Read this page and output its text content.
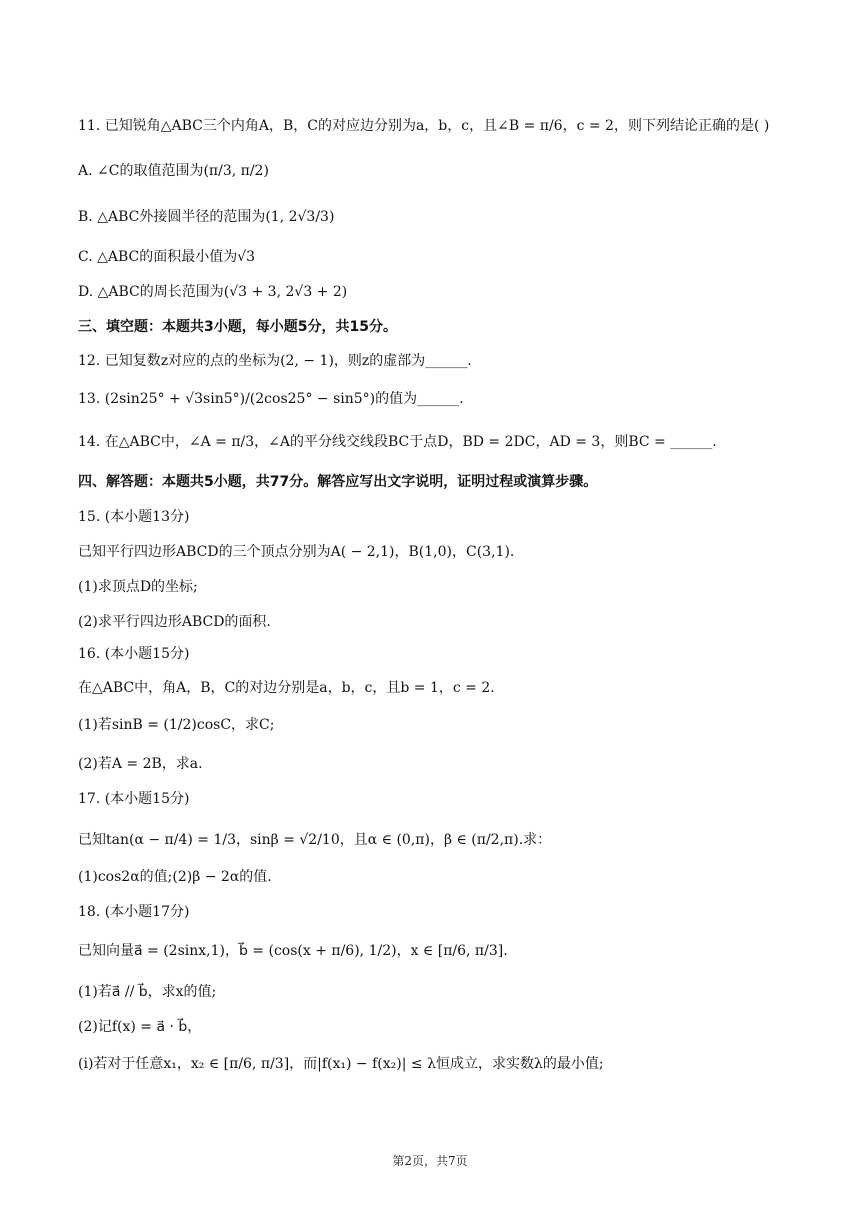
11. 已知锐角△ABC三个内角A，B，C的对应边分别为a，b，c，且∠B = π/6，c = 2，则下列结论正确的是( )
A. ∠C的取值范围为(π/3, π/2)
B. △ABC外接圆半径的范围为(1, 2√3/3)
C. △ABC的面积最小值为√3
D. △ABC的周长范围为(√3 + 3, 2√3 + 2)
三、填空题：本题共3小题，每小题5分，共15分。
12. 已知复数z对应的点的坐标为(2, − 1)，则z的虚部为______.
13. (2sin25° + √3sin5°)/(2cos25° − sin5°)的值为______.
14. 在△ABC中，∠A = π/3，∠A的平分线交线段BC于点D，BD = 2DC，AD = 3，则BC = ______.
四、解答题：本题共5小题，共77分。解答应写出文字说明，证明过程或演算步骤。
15. (本小题13分)
已知平行四边形ABCD的三个顶点分别为A( − 2,1)，B(1,0)，C(3,1).
(1)求顶点D的坐标;
(2)求平行四边形ABCD的面积.
16. (本小题15分)
在△ABC中，角A，B，C的对边分别是a，b，c，且b = 1，c = 2.
(1)若sinB = (1/2)cosC，求C;
(2)若A = 2B，求a.
17. (本小题15分)
已知tan(α − π/4) = 1/3，sinβ = √2/10，且α ∈ (0,π)，β ∈ (π/2,π).求：
(1)cos2α的值;(2)β − 2α的值.
18. (本小题17分)
已知向量a⃗ = (2sinx,1)，b⃗ = (cos(x + π/6), 1/2)，x ∈ [π/6, π/3].
(1)若a⃗ // b⃗，求x的值;
(2)记f(x) = a⃗ · b⃗，
(ⅰ)若对于任意x₁，x₂ ∈ [π/6, π/3]，而|f(x₁) − f(x₂)| ≤ λ恒成立，求实数λ的最小值;
第2页，共7页
